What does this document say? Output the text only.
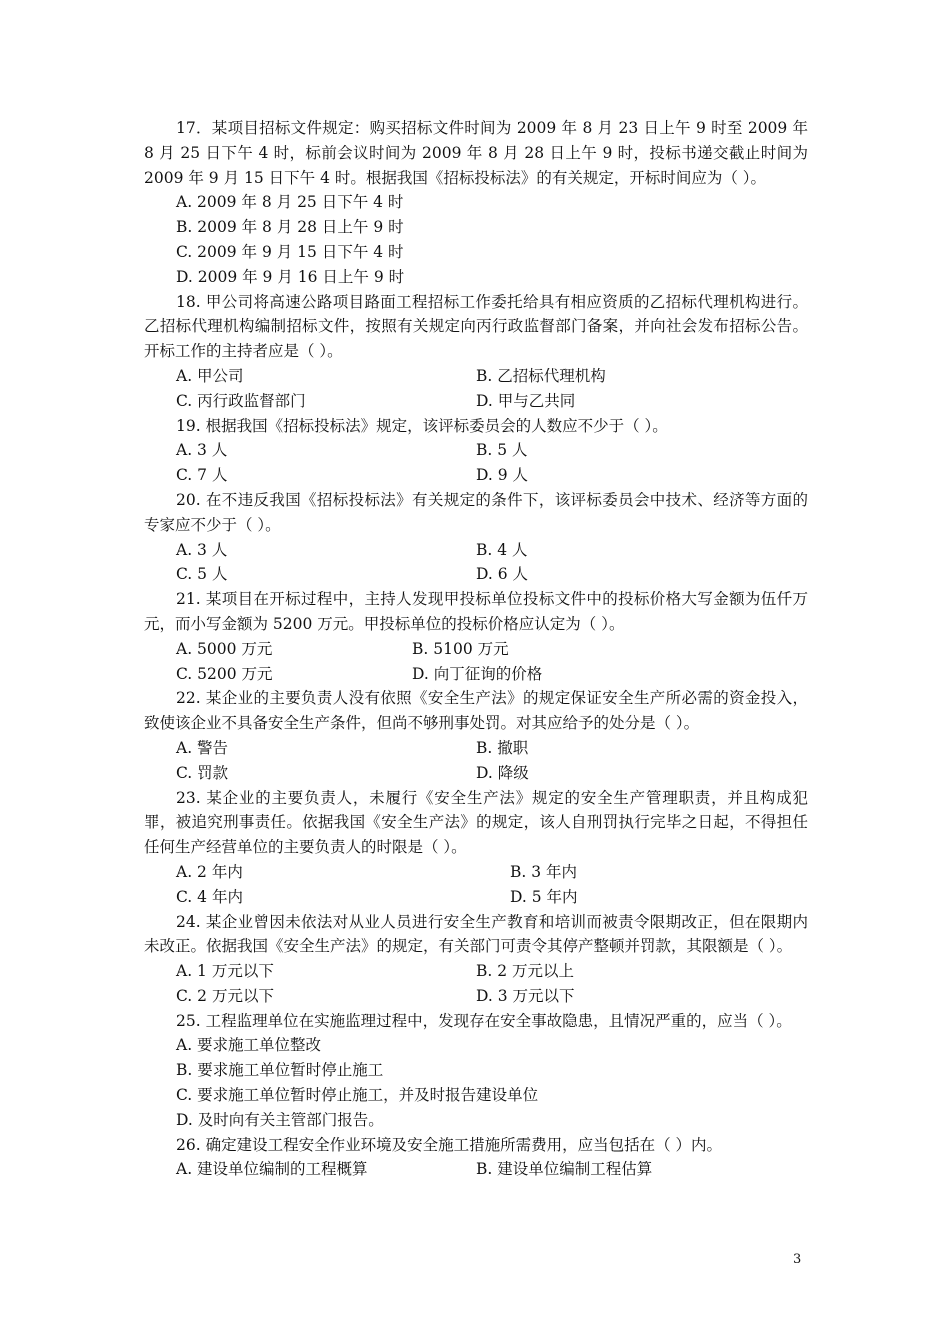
17．某项目招标文件规定：购买招标文件时间为 2009 年 8 月 23 日上午 9 时至 2009 年 8 月 25 日下午 4 时，标前会议时间为 2009 年 8 月 28 日上午 9 时，投标书递交截止时间为 2009 年 9 月 15 日下午 4 时。根据我国《招标投标法》的有关规定，开标时间应为（ ）。

A. 2009 年 8 月 25 日下午 4 时
B. 2009 年 8 月 28 日上午 9 时
C. 2009 年 9 月 15 日下午 4 时
D. 2009 年 9 月 16 日上午 9 时

18. 甲公司将高速公路项目路面工程招标工作委托给具有相应资质的乙招标代理机构进行。乙招标代理机构编制招标文件，按照有关规定向丙行政监督部门备案，并向社会发布招标公告。开标工作的主持者应是（ ）。

A. 甲公司	B. 乙招标代理机构
C. 丙行政监督部门	D. 甲与乙共同

19. 根据我国《招标投标法》规定，该评标委员会的人数应不少于（ ）。

A. 3 人	B. 5 人
C. 7 人	D. 9 人

20. 在不违反我国《招标投标法》有关规定的条件下，该评标委员会中技术、经济等方面的专家应不少于（ ）。

A. 3 人	B. 4 人
C. 5 人	D. 6 人

21. 某项目在开标过程中，主持人发现甲投标单位投标文件中的投标价格大写金额为伍仟万元，而小写金额为 5200 万元。甲投标单位的投标价格应认定为（ ）。

A. 5000 万元	B. 5100 万元
C. 5200 万元	D. 向丁征询的价格

22. 某企业的主要负责人没有依照《安全生产法》的规定保证安全生产所必需的资金投入，致使该企业不具备安全生产条件，但尚不够刑事处罚。对其应给予的处分是（ ）。

A. 警告	B. 撤职
C. 罚款	D. 降级

23. 某企业的主要负责人，未履行《安全生产法》规定的安全生产管理职责，并且构成犯罪，被追究刑事责任。依据我国《安全生产法》的规定，该人自刑罚执行完毕之日起，不得担任任何生产经营单位的主要负责人的时限是（ ）。

A. 2 年内	B. 3 年内
C. 4 年内	D. 5 年内

24. 某企业曾因未依法对从业人员进行安全生产教育和培训而被责令限期改正，但在限期内未改正。依据我国《安全生产法》的规定，有关部门可责令其停产整顿并罚款，其限额是（ ）。

A. 1 万元以下	B. 2 万元以上
C. 2 万元以下	D. 3 万元以下

25. 工程监理单位在实施监理过程中，发现存在安全事故隐患，且情况严重的，应当（ ）。

A. 要求施工单位整改
B. 要求施工单位暂时停止施工
C. 要求施工单位暂时停止施工，并及时报告建设单位
D. 及时向有关主管部门报告。

26. 确定建设工程安全作业环境及安全施工措施所需费用，应当包括在（ ）内。

A. 建设单位编制的工程概算	B. 建设单位编制工程估算
3
